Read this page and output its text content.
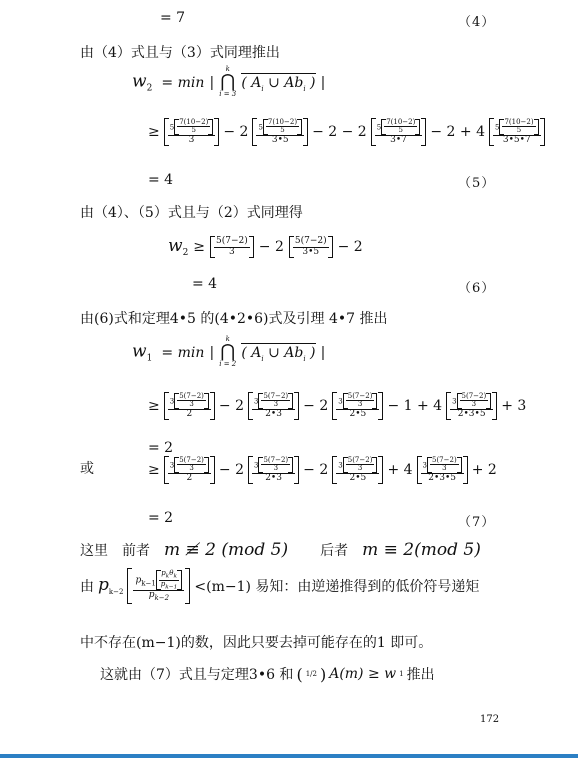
= 7	（4）
由（4）式且与（3）式同理推出
$w_2 = \min$ |
k
⋂
i = 3
( $A_i$ ∪ $Ab_i$ ) |
≥ $\frac{5 \frac{7(10-2)}{5}}{3} - 2 \frac{5 \frac{7(10-2)}{5}}{3•5} - 2 - 2 \frac{5 \frac{7(10-2)}{5}}{3•7} - 2 + 4 \frac{5 \frac{7(10-2)}{5}}{3•5•7}$
= 4	（5）
由（4）、（5）式且与（2）式同理得
$w_2 \ge \frac{5(7-2)}{3} - 2 \frac{5(7-2)}{3•5} - 2$
= 4	（6）
由(6)式和定理4•5 的(4•2•6)式及引理 4•7 推出
$w_1 = \min$ |
k
⋂
i = 2
( $A_i$ ∪ $Ab_i$ ) |
≥ $\frac{3 \frac{5(7-2)}{3}}{2} - 2 \frac{3 \frac{5(7-2)}{3}}{2•3} - 2 \frac{3 \frac{5(7-2)}{3}}{2•5} - 1 + 4 \frac{3 \frac{5(7-2)}{3}}{2•3•5} + 3$
= 2
或	≥ $\frac{3 \frac{5(7-2)}{3}}{2} - 2 \frac{3 \frac{5(7-2)}{3}}{2•3} - 2 \frac{3 \frac{5(7-2)}{3}}{2•5} + 4 \frac{3 \frac{5(7-2)}{3}}{2•3•5} + 2$
= 2	（7）
这里 前者 m ≢ 2 (mod 5) 后者 m ≡ 2(mod 5)
由 $p_{k-2} \frac{p_{k-1} \frac{p_k\theta_k}{p_{k-1}}}{p_{k-2}} <(m-1)$ 易知：由逆递推得到的低价符号递矩
中不存在(m−1)的数，因此只要去掉可能存在的1 即可。
这就由（7）式且与定理3•6 和 ( 1/2 ) A(m) ≥ w 1 推出
172
